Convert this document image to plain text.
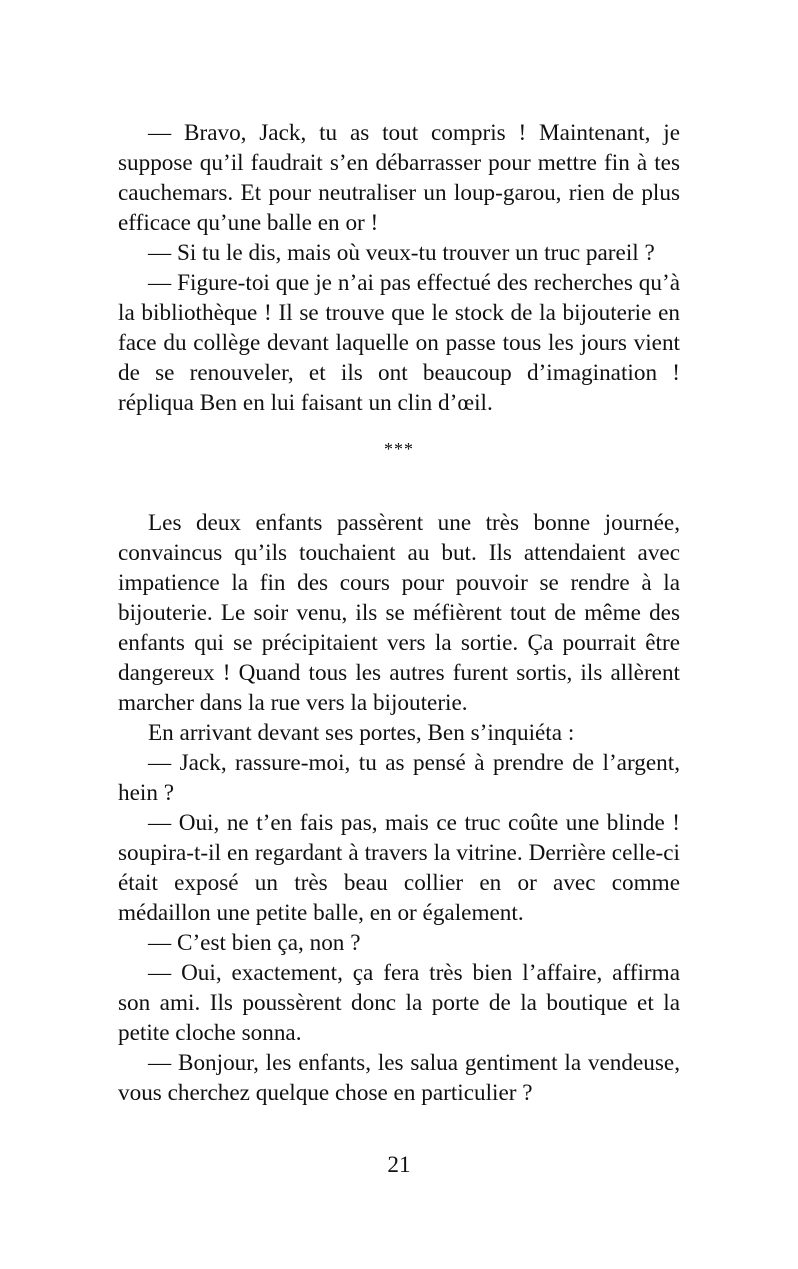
— Bravo, Jack, tu as tout compris ! Maintenant, je suppose qu’il faudrait s’en débarrasser pour mettre fin à tes cauchemars. Et pour neutraliser un loup-garou, rien de plus efficace qu’une balle en or !

— Si tu le dis, mais où veux-tu trouver un truc pareil ?

— Figure-toi que je n’ai pas effectué des recherches qu’à la bibliothèque ! Il se trouve que le stock de la bijouterie en face du collège devant laquelle on passe tous les jours vient de se renouveler, et ils ont beaucoup d’imagination ! répliqua Ben en lui faisant un clin d’œil.

***

Les deux enfants passèrent une très bonne journée, convaincus qu’ils touchaient au but. Ils attendaient avec impatience la fin des cours pour pouvoir se rendre à la bijouterie. Le soir venu, ils se méfièrent tout de même des enfants qui se précipitaient vers la sortie. Ça pourrait être dangereux ! Quand tous les autres furent sortis, ils allèrent marcher dans la rue vers la bijouterie.

En arrivant devant ses portes, Ben s’inquiéta :

— Jack, rassure-moi, tu as pensé à prendre de l’argent, hein ?

— Oui, ne t’en fais pas, mais ce truc coûte une blinde ! soupira-t-il en regardant à travers la vitrine. Derrière celle-ci était exposé un très beau collier en or avec comme médaillon une petite balle, en or également.

— C’est bien ça, non ?

— Oui, exactement, ça fera très bien l’affaire, affirma son ami. Ils poussèrent donc la porte de la boutique et la petite cloche sonna.

— Bonjour, les enfants, les salua gentiment la vendeuse, vous cherchez quelque chose en particulier ?

21
